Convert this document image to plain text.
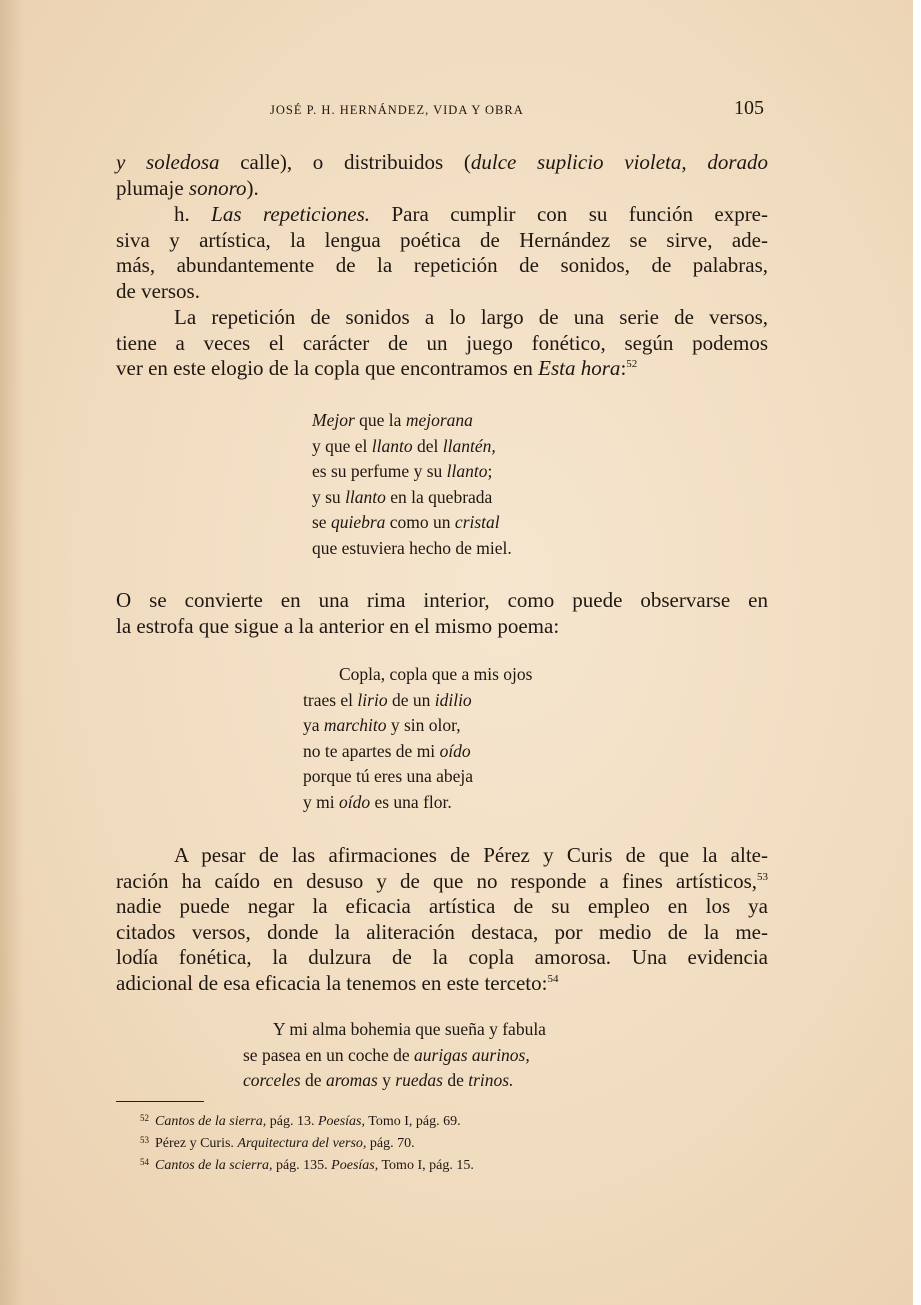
JOSÉ P. H. HERNÁNDEZ, VIDA Y OBRA	105

y soledosa calle), o distribuidos (dulce suplicio violeta, dorado
plumaje sonoro).

h. Las repeticiones. Para cumplir con su función expre-
siva y artística, la lengua poética de Hernández se sirve, ade-
más, abundantemente de la repetición de sonidos, de palabras,
de versos.

La repetición de sonidos a lo largo de una serie de versos,
tiene a veces el carácter de un juego fonético, según podemos
ver en este elogio de la copla que encontramos en Esta hora:$^{52}$

Mejor que la mejorana
y que el llanto del llantén,
es su perfume y su llanto;
y su llanto en la quebrada
se quiebra como un cristal
que estuviera hecho de miel.

O se convierte en una rima interior, como puede observarse en
la estrofa que sigue a la anterior en el mismo poema:

Copla, copla que a mis ojos
traes el lirio de un idilio
ya marchito y sin olor,
no te apartes de mi oído
porque tú eres una abeja
y mi oído es una flor.

A pesar de las afirmaciones de Pérez y Curis de que la alte-
ración ha caído en desuso y de que no responde a fines artísticos,$^{53}$
nadie puede negar la eficacia artística de su empleo en los ya
citados versos, donde la aliteración destaca, por medio de la me-
lodía fonética, la dulzura de la copla amorosa. Una evidencia
adicional de esa eficacia la tenemos en este terceto:$^{54}$

Y mi alma bohemia que sueña y fabula
se pasea en un coche de aurigas aurinos,
corceles de aromas y ruedas de trinos.
$^{52}$ Cantos de la sierra, pág. 13. Poesías, Tomo I, pág. 69.
$^{53}$ Pérez y Curis. Arquitectura del verso, pág. 70.
$^{54}$ Cantos de la scierra, pág. 135. Poesías, Tomo I, pág. 15.
